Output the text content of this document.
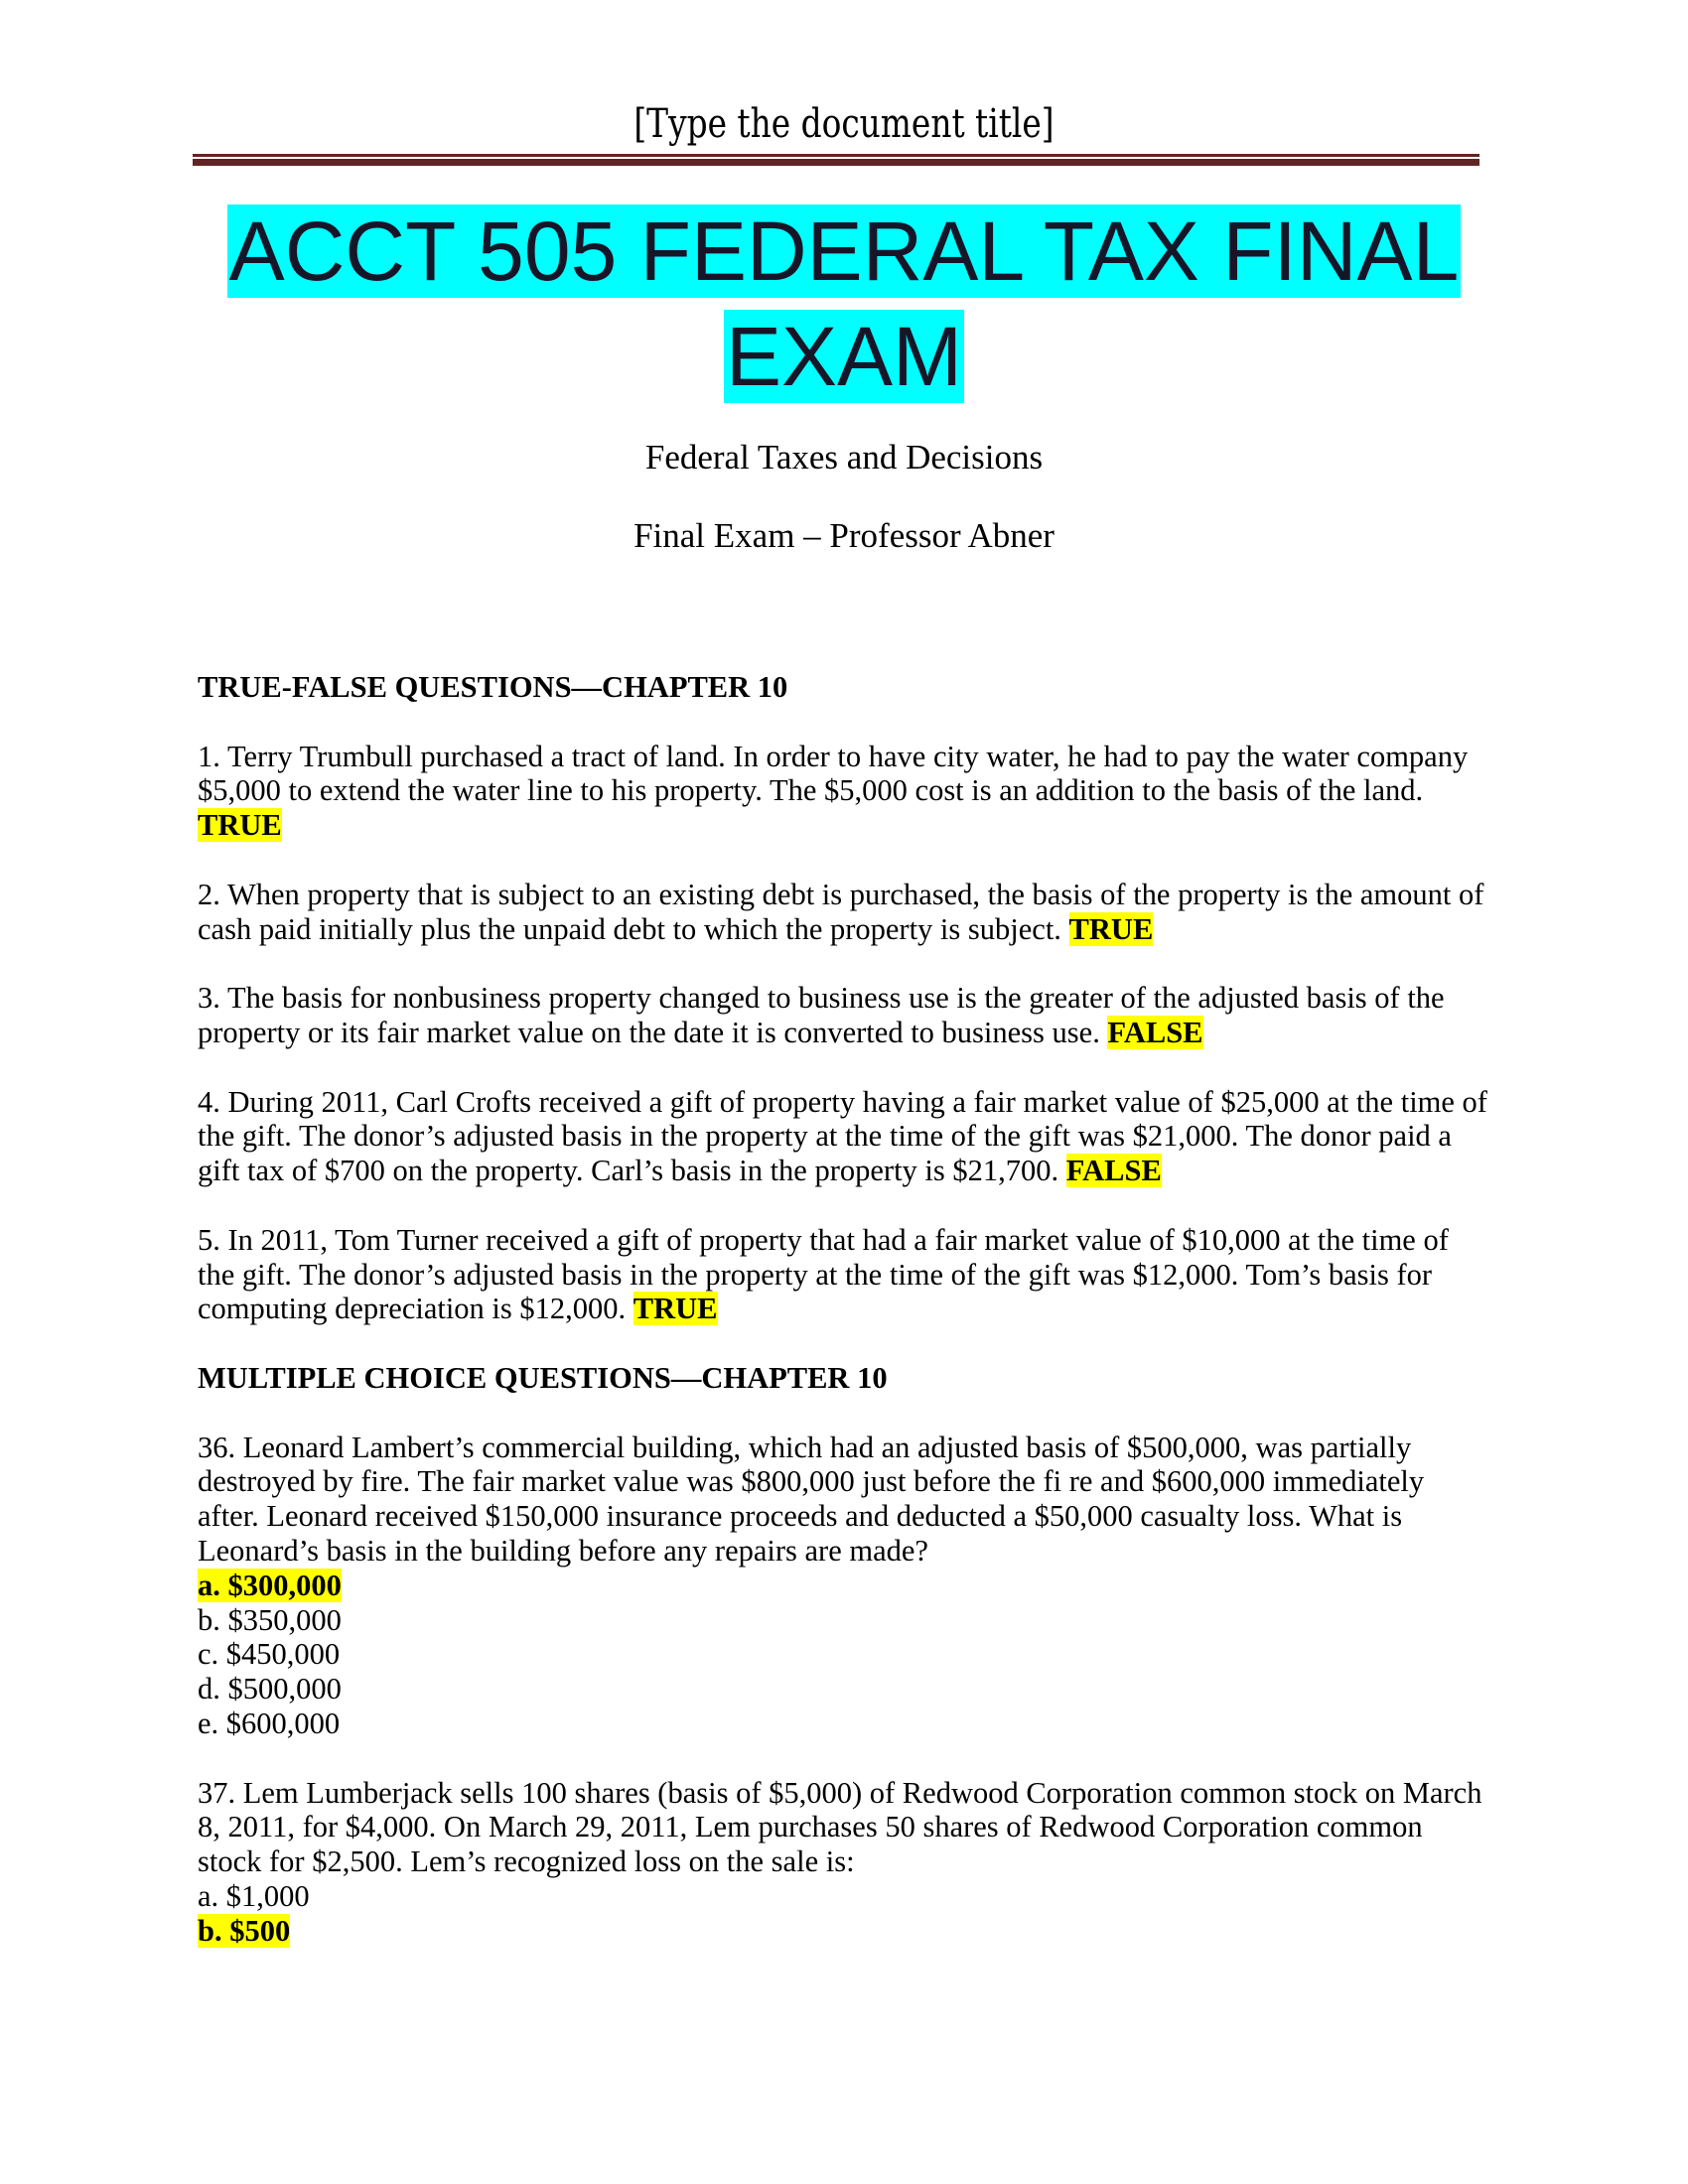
[Type the document title]
ACCT 505 FEDERAL TAX FINAL
EXAM
Federal Taxes and Decisions
Final Exam – Professor Abner
TRUE-FALSE QUESTIONS—CHAPTER 10

1. Terry Trumbull purchased a tract of land. In order to have city water, he had to pay the water company $5,000 to extend the water line to his property. The $5,000 cost is an addition to the basis of the land.
TRUE

2. When property that is subject to an existing debt is purchased, the basis of the property is the amount of cash paid initially plus the unpaid debt to which the property is subject. TRUE

3. The basis for nonbusiness property changed to business use is the greater of the adjusted basis of the property or its fair market value on the date it is converted to business use. FALSE

4. During 2011, Carl Crofts received a gift of property having a fair market value of $25,000 at the time of the gift. The donor’s adjusted basis in the property at the time of the gift was $21,000. The donor paid a gift tax of $700 on the property. Carl’s basis in the property is $21,700. FALSE

5. In 2011, Tom Turner received a gift of property that had a fair market value of $10,000 at the time of the gift. The donor’s adjusted basis in the property at the time of the gift was $12,000. Tom’s basis for computing depreciation is $12,000. TRUE

MULTIPLE CHOICE QUESTIONS—CHAPTER 10

36. Leonard Lambert’s commercial building, which had an adjusted basis of $500,000, was partially destroyed by fire. The fair market value was $800,000 just before the fi re and $600,000 immediately after. Leonard received $150,000 insurance proceeds and deducted a $50,000 casualty loss. What is Leonard’s basis in the building before any repairs are made?
a. $300,000
b. $350,000
c. $450,000
d. $500,000
e. $600,000

37. Lem Lumberjack sells 100 shares (basis of $5,000) of Redwood Corporation common stock on March 8, 2011, for $4,000. On March 29, 2011, Lem purchases 50 shares of Redwood Corporation common stock for $2,500. Lem’s recognized loss on the sale is:
a. $1,000
b. $500
